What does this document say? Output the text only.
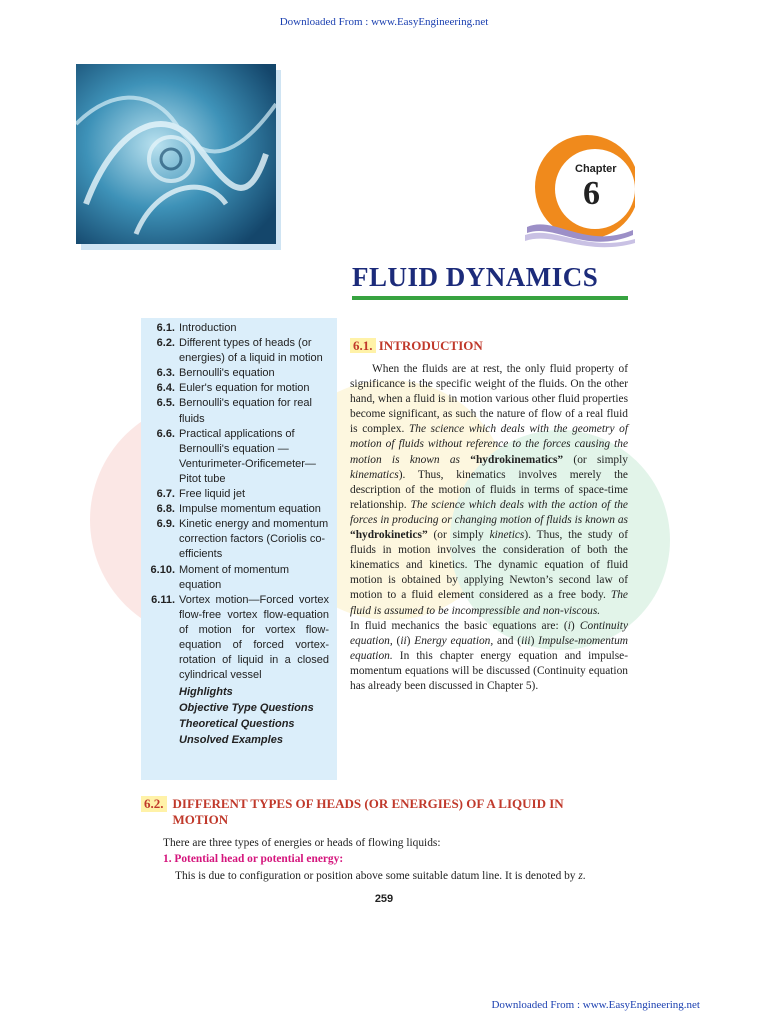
Downloaded From : www.EasyEngineering.net
Chapter
6
FLUID DYNAMICS
6.1. Introduction
6.2. Different types of heads (or energies) of a liquid in motion
6.3. Bernoulli's equation
6.4. Euler's equation for motion
6.5. Bernoulli's equation for real fluids
6.6. Practical applications of Bernoulli's equation — Venturimeter-Orificemeter—Pitot tube
6.7. Free liquid jet
6.8. Impulse momentum equation
6.9. Kinetic energy and momentum correction factors (Coriolis co-efficients
6.10. Moment of momentum equation
6.11. Vortex motion—Forced vortex flow-free vortex flow-equation of motion for vortex flow-equation of forced vortex-rotation of liquid in a closed cylindrical vessel
Highlights
Objective Type Questions
Theoretical Questions
Unsolved Examples
6.1. INTRODUCTION

When the fluids are at rest, the only fluid property of significance is the specific weight of the fluids. On the other hand, when a fluid is in motion various other fluid properties become significant, as such the nature of flow of a real fluid is complex. The science which deals with the geometry of motion of fluids without reference to the forces causing the motion is known as “hydrokinematics” (or simply kinematics). Thus, kinematics involves merely the description of the motion of fluids in terms of space-time relationship. The science which deals with the action of the forces in producing or changing motion of fluids is known as “hydrokinetics” (or simply kinetics). Thus, the study of fluids in motion involves the consideration of both the kinematics and kinetics. The dynamic equation of fluid motion is obtained by applying Newton’s second law of motion to a fluid element considered as a free body. The fluid is assumed to be incompressible and non-viscous.

In fluid mechanics the basic equations are: (i) Continuity equation, (ii) Energy equation, and (iii) Impulse-momentum equation. In this chapter energy equation and impulse-momentum equations will be discussed (Continuity equation has already been discussed in Chapter 5).

6.2. DIFFERENT TYPES OF HEADS (OR ENERGIES) OF A LIQUID IN MOTION
There are three types of energies or heads of flowing liquids:
1. Potential head or potential energy:
This is due to configuration or position above some suitable datum line. It is denoted by z.
259
Downloaded From : www.EasyEngineering.net
